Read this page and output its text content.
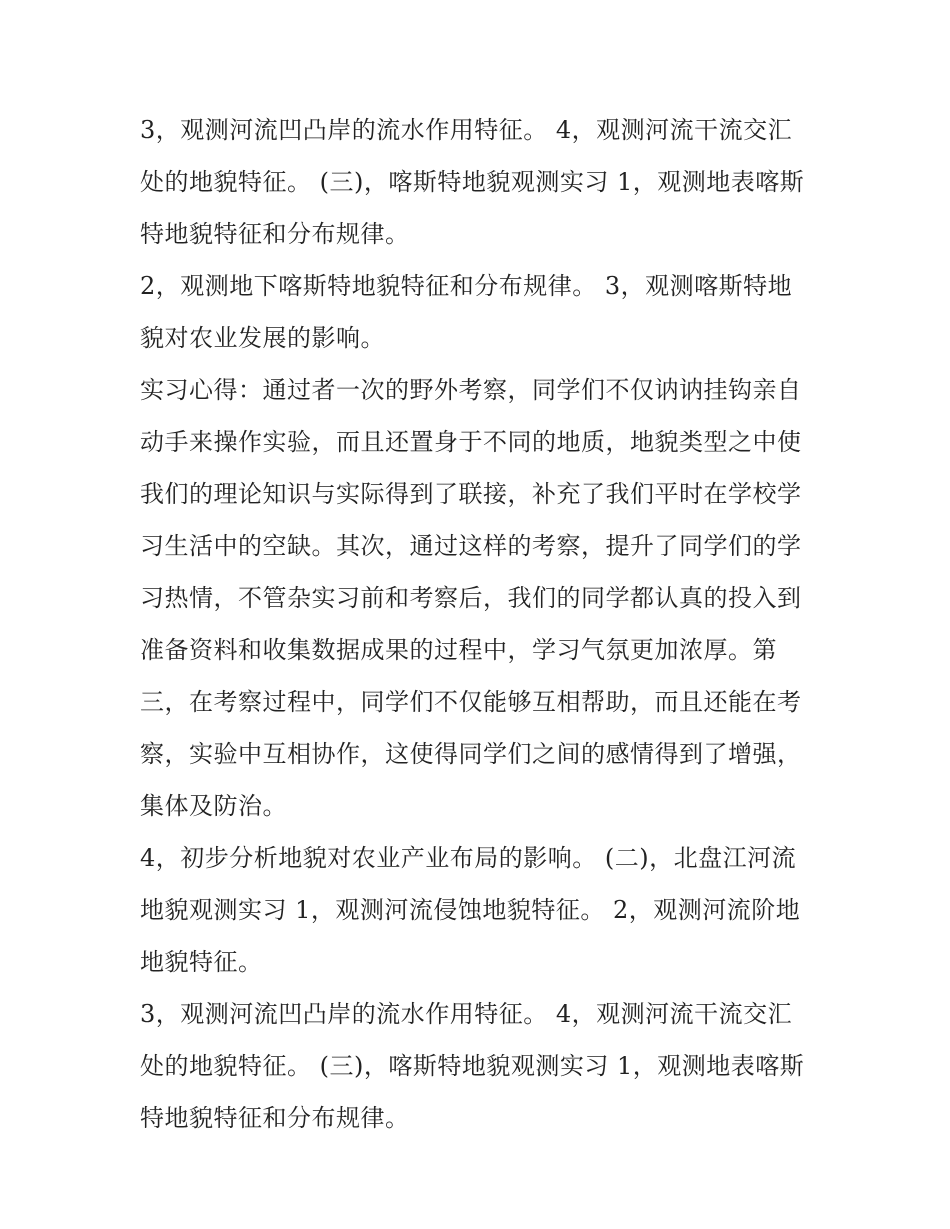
3，观测河流凹凸岸的流水作用特征。 4，观测河流干流交汇
处的地貌特征。 (三)，喀斯特地貌观测实习 1，观测地表喀斯
特地貌特征和分布规律。

2，观测地下喀斯特地貌特征和分布规律。 3，观测喀斯特地
貌对农业发展的影响。

实习心得：通过者一次的野外考察，同学们不仅讷讷挂钩亲自
动手来操作实验，而且还置身于不同的地质，地貌类型之中使
我们的理论知识与实际得到了联接，补充了我们平时在学校学
习生活中的空缺。其次，通过这样的考察，提升了同学们的学
习热情，不管杂实习前和考察后，我们的同学都认真的投入到
准备资料和收集数据成果的过程中，学习气氛更加浓厚。第
三，在考察过程中，同学们不仅能够互相帮助，而且还能在考
察，实验中互相协作，这使得同学们之间的感情得到了增强，
集体及防治。

4，初步分析地貌对农业产业布局的影响。 (二)，北盘江河流
地貌观测实习 1，观测河流侵蚀地貌特征。 2，观测河流阶地
地貌特征。

3，观测河流凹凸岸的流水作用特征。 4，观测河流干流交汇
处的地貌特征。 (三)，喀斯特地貌观测实习 1，观测地表喀斯
特地貌特征和分布规律。
